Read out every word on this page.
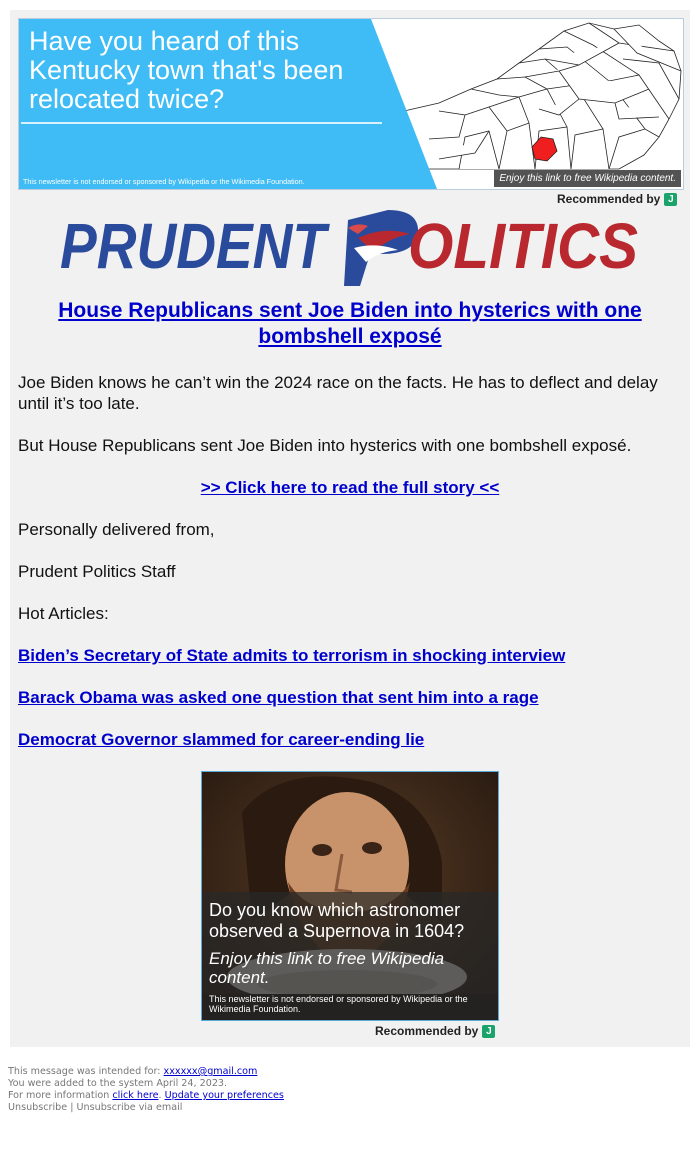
Have you heard of this Kentucky town that's been relocated twice?
This newsletter is not endorsed or sponsored by Wikipedia or the Wikimedia Foundation.	Enjoy this link to free Wikipedia content.
Recommended by J
PRUDENT OLITICS
House Republicans sent Joe Biden into hysterics with one bombshell exposé
Joe Biden knows he can’t win the 2024 race on the facts. He has to deflect and delay until it’s too late.
But House Republicans sent Joe Biden into hysterics with one bombshell exposé.
>> Click here to read the full story <<
Personally delivered from,
Prudent Politics Staff
Hot Articles:
Biden’s Secretary of State admits to terrorism in shocking interview
Barack Obama was asked one question that sent him into a rage
Democrat Governor slammed for career-ending lie
Do you know which astronomer observed a Supernova in 1604?
Enjoy this link to free Wikipedia content.
This newsletter is not endorsed or sponsored by Wikipedia or the Wikimedia Foundation.
Recommended by J
This message was intended for: xxxxxx@gmail.com
You were added to the system April 24, 2023.
For more information click here. Update your preferences
Unsubscribe | Unsubscribe via email
